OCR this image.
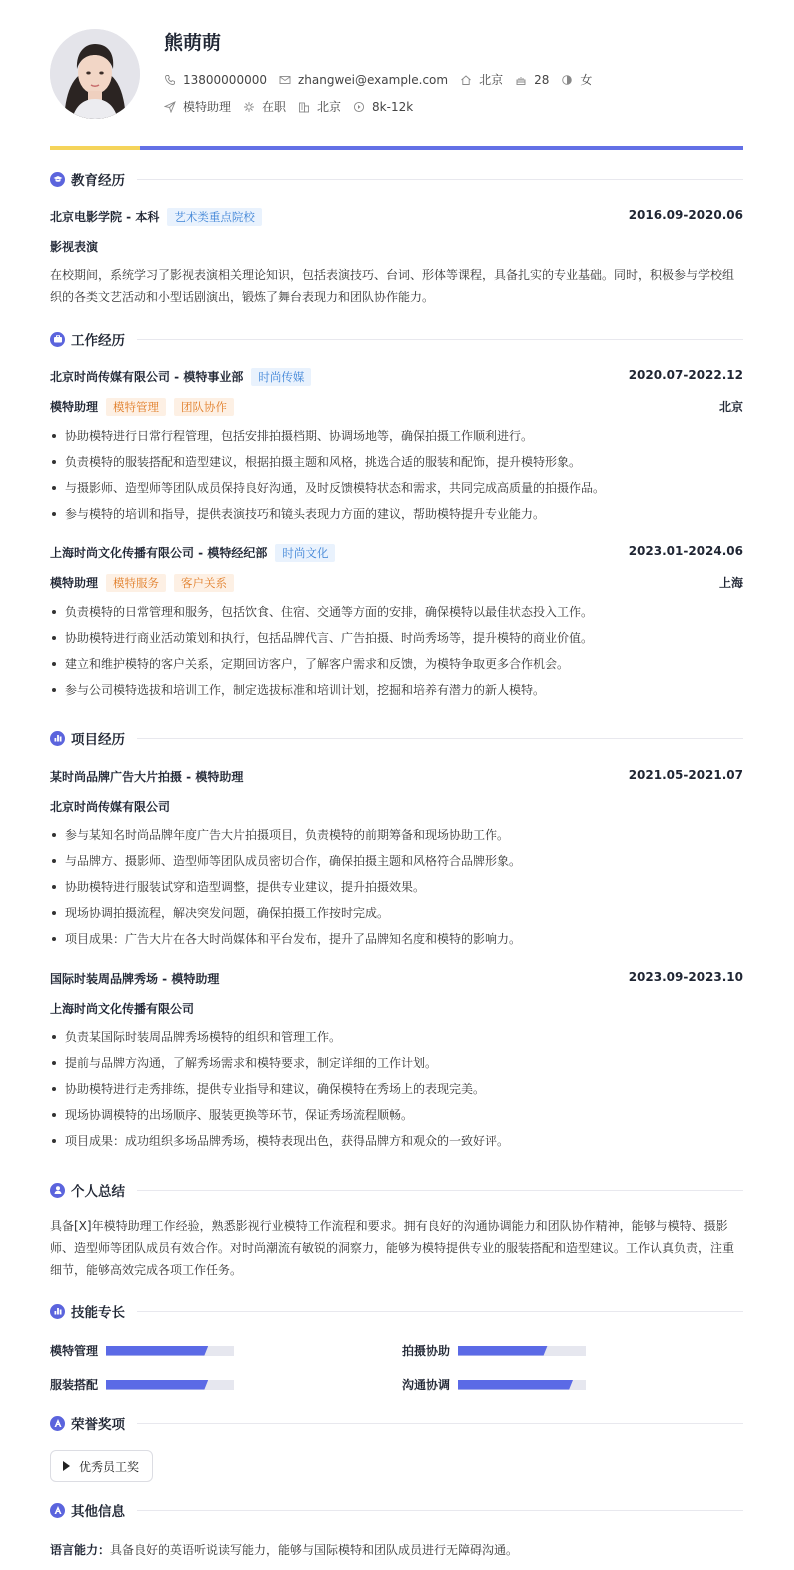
熊萌萌
13800000000	zhangwei@example.com	北京	28	女
模特助理	在职	北京	8k-12k
教育经历
北京电影学院 - 本科 艺术类重点院校	2016.09-2020.06
影视表演
在校期间，系统学习了影视表演相关理论知识，包括表演技巧、台词、形体等课程，具备扎实的专业基础。同时，积极参与学校组织的各类文艺活动和小型话剧演出，锻炼了舞台表现力和团队协作能力。
工作经历
北京时尚传媒有限公司 - 模特事业部 时尚传媒	2020.07-2022.12
模特助理 模特管理 团队协作	北京
协助模特进行日常行程管理，包括安排拍摄档期、协调场地等，确保拍摄工作顺利进行。
负责模特的服装搭配和造型建议，根据拍摄主题和风格，挑选合适的服装和配饰，提升模特形象。
与摄影师、造型师等团队成员保持良好沟通，及时反馈模特状态和需求，共同完成高质量的拍摄作品。
参与模特的培训和指导，提供表演技巧和镜头表现力方面的建议，帮助模特提升专业能力。
上海时尚文化传播有限公司 - 模特经纪部 时尚文化	2023.01-2024.06
模特助理 模特服务 客户关系	上海
负责模特的日常管理和服务，包括饮食、住宿、交通等方面的安排，确保模特以最佳状态投入工作。
协助模特进行商业活动策划和执行，包括品牌代言、广告拍摄、时尚秀场等，提升模特的商业价值。
建立和维护模特的客户关系，定期回访客户，了解客户需求和反馈，为模特争取更多合作机会。
参与公司模特选拔和培训工作，制定选拔标准和培训计划，挖掘和培养有潜力的新人模特。
项目经历
某时尚品牌广告大片拍摄 - 模特助理	2021.05-2021.07
北京时尚传媒有限公司
参与某知名时尚品牌年度广告大片拍摄项目，负责模特的前期筹备和现场协助工作。
与品牌方、摄影师、造型师等团队成员密切合作，确保拍摄主题和风格符合品牌形象。
协助模特进行服装试穿和造型调整，提供专业建议，提升拍摄效果。
现场协调拍摄流程，解决突发问题，确保拍摄工作按时完成。
项目成果：广告大片在各大时尚媒体和平台发布，提升了品牌知名度和模特的影响力。
国际时装周品牌秀场 - 模特助理	2023.09-2023.10
上海时尚文化传播有限公司
负责某国际时装周品牌秀场模特的组织和管理工作。
提前与品牌方沟通，了解秀场需求和模特要求，制定详细的工作计划。
协助模特进行走秀排练，提供专业指导和建议，确保模特在秀场上的表现完美。
现场协调模特的出场顺序、服装更换等环节，保证秀场流程顺畅。
项目成果：成功组织多场品牌秀场，模特表现出色，获得品牌方和观众的一致好评。
个人总结
具备[X]年模特助理工作经验，熟悉影视行业模特工作流程和要求。拥有良好的沟通协调能力和团队协作精神，能够与模特、摄影师、造型师等团队成员有效合作。对时尚潮流有敏锐的洞察力，能够为模特提供专业的服装搭配和造型建议。工作认真负责，注重细节，能够高效完成各项工作任务。
技能专长
模特管理	拍摄协助
服装搭配	沟通协调
荣誉奖项
优秀员工奖
其他信息
语言能力：具备良好的英语听说读写能力，能够与国际模特和团队成员进行无障碍沟通。
